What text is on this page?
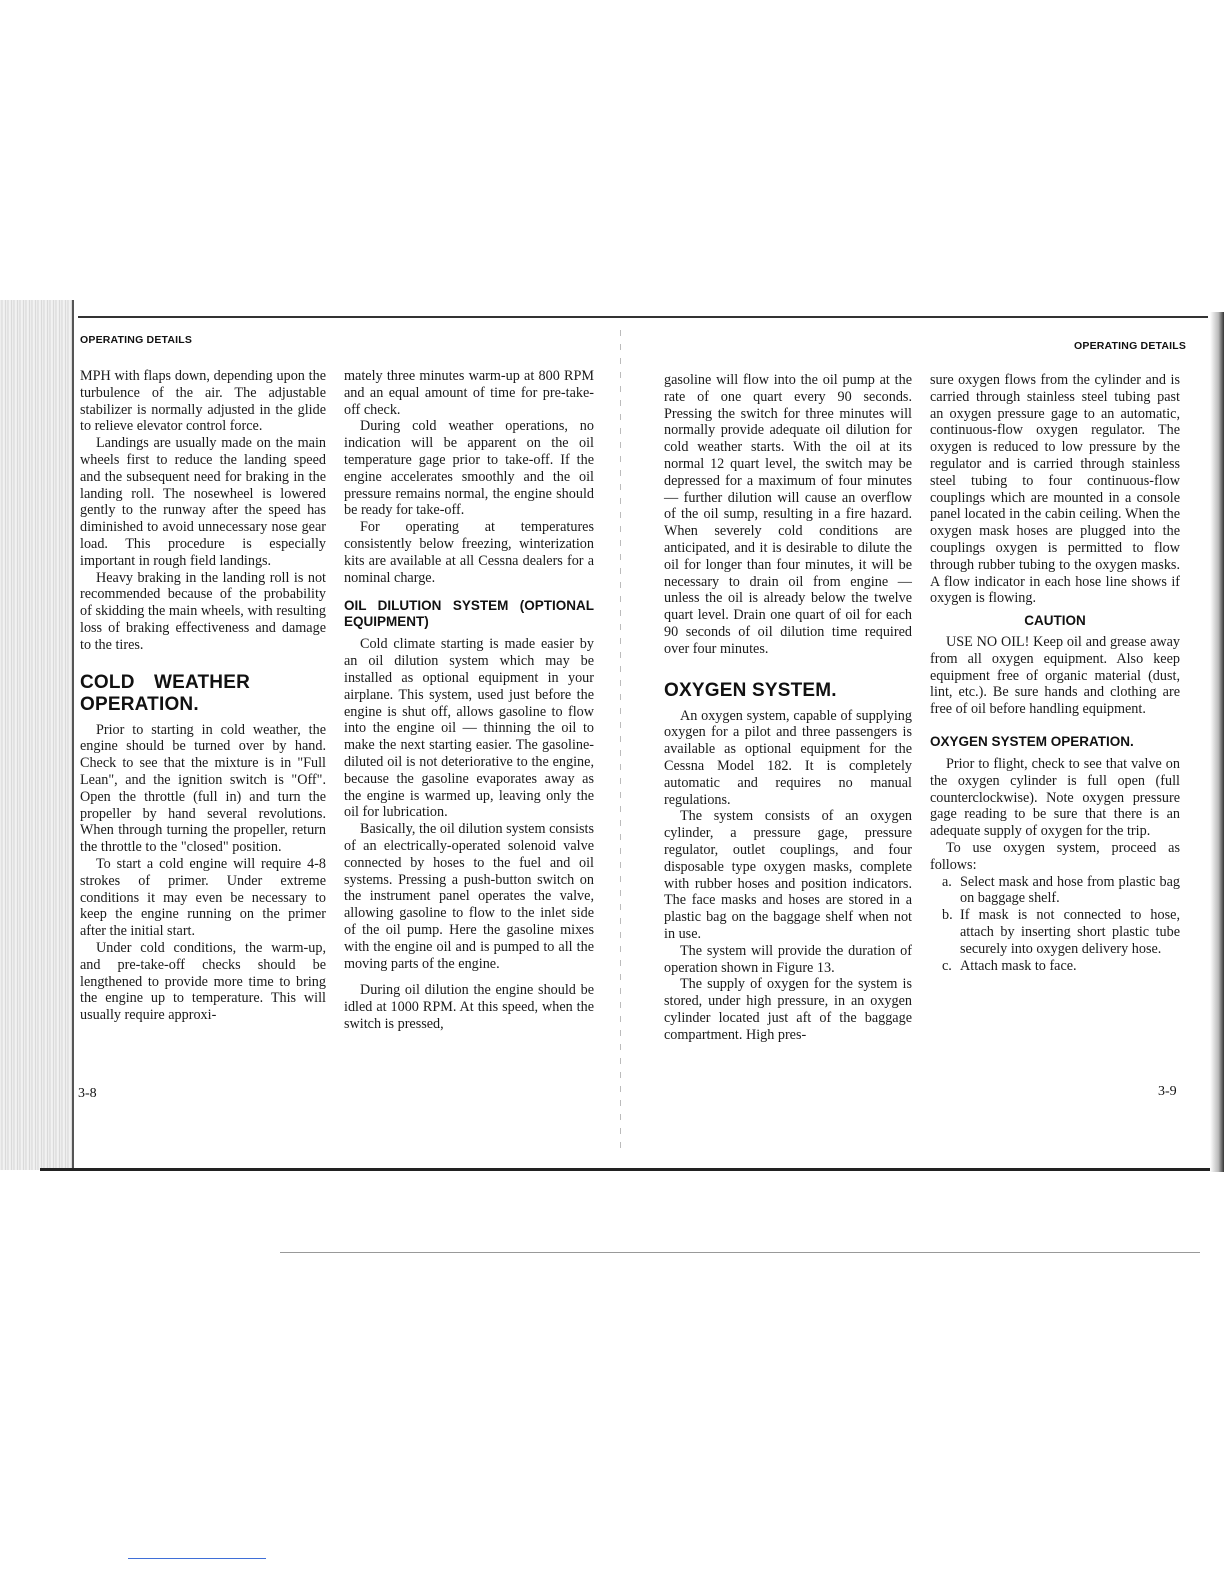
OPERATING DETAILS
3-8

MPH with flaps down, depending upon the turbulence of the air. The adjustable stabilizer is normally adjusted in the glide to relieve elevator control force.

Landings are usually made on the main wheels first to reduce the landing speed and the subsequent need for braking in the landing roll. The nosewheel is lowered gently to the runway after the speed has diminished to avoid unnecessary nose gear load. This procedure is especially important in rough field landings.

Heavy braking in the landing roll is not recommended because of the probability of skidding the main wheels, with resulting loss of braking effectiveness and damage to the tires.

COLD WEATHER OPERATION.

Prior to starting in cold weather, the engine should be turned over by hand. Check to see that the mixture is in "Full Lean", and the ignition switch is "Off". Open the throttle (full in) and turn the propeller by hand several revolutions. When through turning the propeller, return the throttle to the "closed" position.

To start a cold engine will require 4-8 strokes of primer. Under extreme conditions it may even be necessary to keep the engine running on the primer after the initial start.

Under cold conditions, the warm-up, and pre-take-off checks should be lengthened to provide more time to bring the engine up to temperature. This will usually require approxi-

mately three minutes warm-up at 800 RPM and an equal amount of time for pre-take-off check.

During cold weather operations, no indication will be apparent on the oil temperature gage prior to take-off. If the engine accelerates smoothly and the oil pressure remains normal, the engine should be ready for take-off.

For operating at temperatures consistently below freezing, winterization kits are available at all Cessna dealers for a nominal charge.

OIL DILUTION SYSTEM (OPTIONAL EQUIPMENT)

Cold climate starting is made easier by an oil dilution system which may be installed as optional equipment in your airplane. This system, used just before the engine is shut off, allows gasoline to flow into the engine oil — thinning the oil to make the next starting easier. The gasoline-diluted oil is not deteriorative to the engine, because the gasoline evaporates away as the engine is warmed up, leaving only the oil for lubrication.

Basically, the oil dilution system consists of an electrically-operated solenoid valve connected by hoses to the fuel and oil systems. Pressing a push-button switch on the instrument panel operates the valve, allowing gasoline to flow to the inlet side of the oil pump. Here the gasoline mixes with the engine oil and is pumped to all the moving parts of the engine.

During oil dilution the engine should be idled at 1000 RPM. At this speed, when the switch is pressed,

OPERATING DETAILS
3-9

gasoline will flow into the oil pump at the rate of one quart every 90 seconds. Pressing the switch for three minutes will normally provide adequate oil dilution for cold weather starts. With the oil at its normal 12 quart level, the switch may be depressed for a maximum of four minutes — further dilution will cause an overflow of the oil sump, resulting in a fire hazard. When severely cold conditions are anticipated, and it is desirable to dilute the oil for longer than four minutes, it will be necessary to drain oil from engine — unless the oil is already below the twelve quart level. Drain one quart of oil for each 90 seconds of oil dilution time required over four minutes.

OXYGEN SYSTEM.

An oxygen system, capable of supplying oxygen for a pilot and three passengers is available as optional equipment for the Cessna Model 182. It is completely automatic and requires no manual regulations.

The system consists of an oxygen cylinder, a pressure gage, pressure regulator, outlet couplings, and four disposable type oxygen masks, complete with rubber hoses and position indicators. The face masks and hoses are stored in a plastic bag on the baggage shelf when not in use.

The system will provide the duration of operation shown in Figure 13.

The supply of oxygen for the system is stored, under high pressure, in an oxygen cylinder located just aft of the baggage compartment. High pres-

sure oxygen flows from the cylinder and is carried through stainless steel tubing past an oxygen pressure gage to an automatic, continuous-flow oxygen regulator. The oxygen is reduced to low pressure by the regulator and is carried through stainless steel tubing to four continuous-flow couplings which are mounted in a console panel located in the cabin ceiling. When the oxygen mask hoses are plugged into the couplings oxygen is permitted to flow through rubber tubing to the oxygen masks. A flow indicator in each hose line shows if oxygen is flowing.

CAUTION

USE NO OIL! Keep oil and grease away from all oxygen equipment. Also keep equipment free of organic material (dust, lint, etc.). Be sure hands and clothing are free of oil before handling equipment.

OXYGEN SYSTEM OPERATION.

Prior to flight, check to see that valve on the oxygen cylinder is full open (full counterclockwise). Note oxygen pressure gage reading to be sure that there is an adequate supply of oxygen for the trip.

To use oxygen system, proceed as follows:

a. Select mask and hose from plastic bag on baggage shelf.
b. If mask is not connected to hose, attach by inserting short plastic tube securely into oxygen delivery hose.
c. Attach mask to face.
